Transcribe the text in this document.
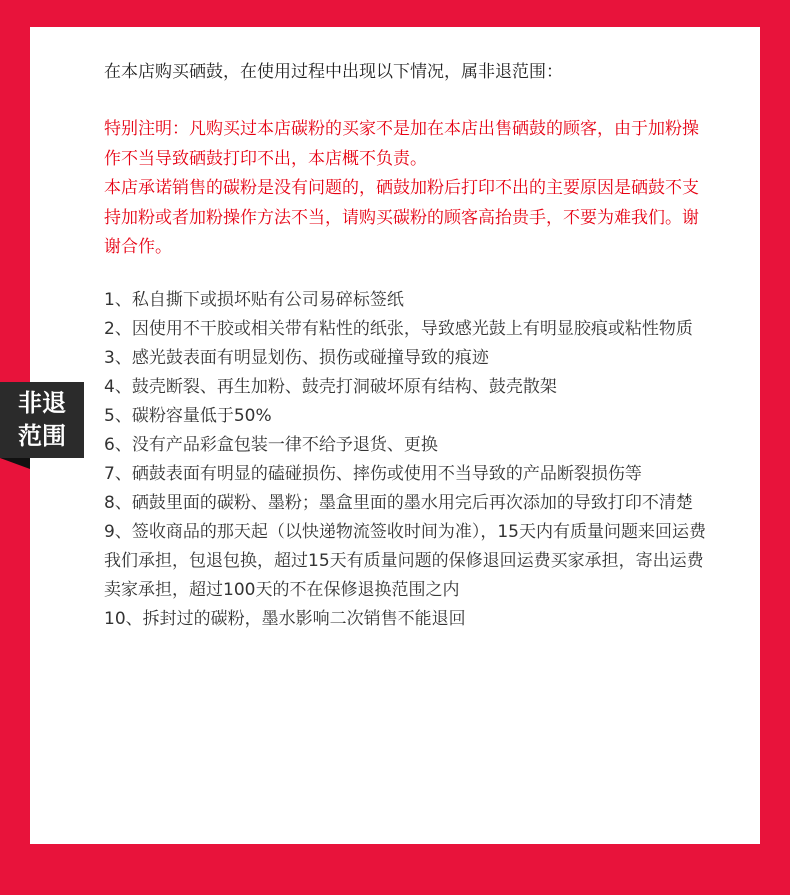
在本店购买硒鼓，在使用过程中出现以下情况，属非退范围：

特别注明：凡购买过本店碳粉的买家不是加在本店出售硒鼓的顾客，由于加粉操作不当导致硒鼓打印不出，本店概不负责。

本店承诺销售的碳粉是没有问题的，硒鼓加粉后打印不出的主要原因是硒鼓不支持加粉或者加粉操作方法不当，请购买碳粉的顾客高抬贵手，不要为难我们。谢谢合作。

1、私自撕下或损坏贴有公司易碎标签纸
2、因使用不干胶或相关带有粘性的纸张，导致感光鼓上有明显胶痕或粘性物质
3、感光鼓表面有明显划伤、损伤或碰撞导致的痕迹
4、鼓壳断裂、再生加粉、鼓壳打洞破坏原有结构、鼓壳散架
5、碳粉容量低于50%
6、没有产品彩盒包装一律不给予退货、更换
7、硒鼓表面有明显的磕碰损伤、摔伤或使用不当导致的产品断裂损伤等
8、硒鼓里面的碳粉、墨粉；墨盒里面的墨水用完后再次添加的导致打印不清楚
9、签收商品的那天起（以快递物流签收时间为准），15天内有质量问题来回运费我们承担，包退包换，超过15天有质量问题的保修退回运费买家承担，寄出运费卖家承担，超过100天的不在保修退换范围之内
10、拆封过的碳粉，墨水影响二次销售不能退回
非退
范围
